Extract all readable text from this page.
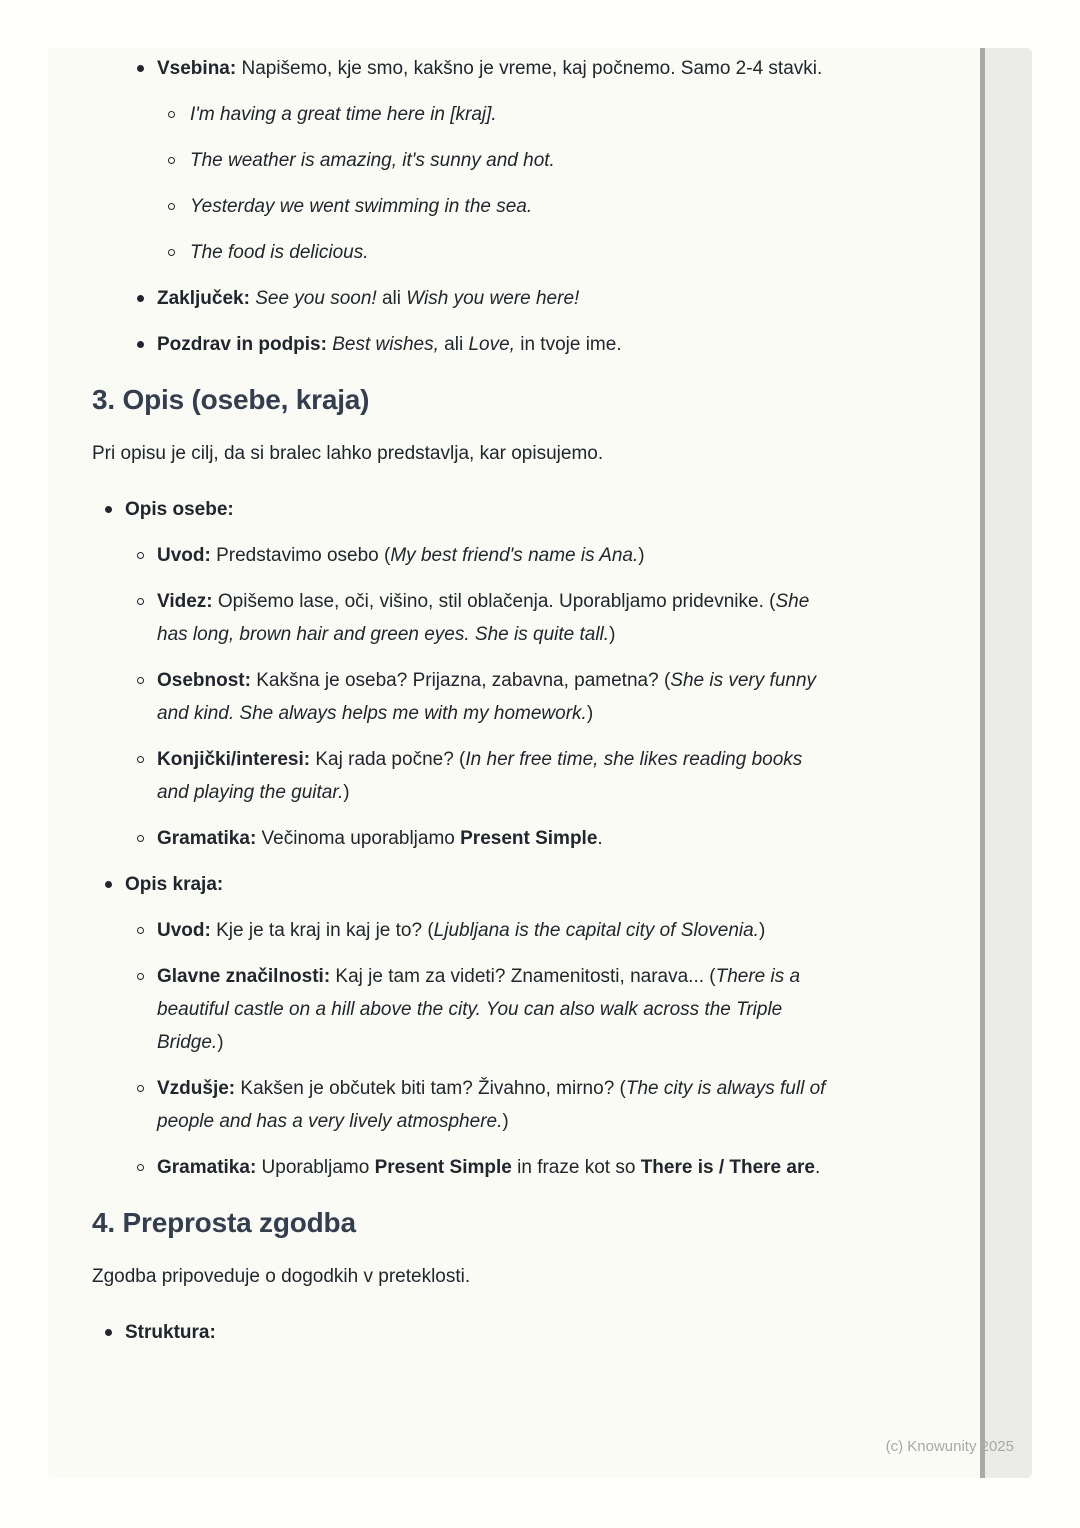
Vsebina: Napišemo, kje smo, kakšno je vreme, kaj počnemo. Samo 2-4 stavki.
I'm having a great time here in [kraj].
The weather is amazing, it's sunny and hot.
Yesterday we went swimming in the sea.
The food is delicious.
Zaključek: See you soon! ali Wish you were here!
Pozdrav in podpis: Best wishes, ali Love, in tvoje ime.
3. Opis (osebe, kraja)

Pri opisu je cilj, da si bralec lahko predstavlja, kar opisujemo.

Opis osebe:
Uvod: Predstavimo osebo (My best friend's name is Ana.)
Videz: Opišemo lase, oči, višino, stil oblačenja. Uporabljamo pridevnike. (She has long, brown hair and green eyes. She is quite tall.)
Osebnost: Kakšna je oseba? Prijazna, zabavna, pametna? (She is very funny and kind. She always helps me with my homework.)
Konjički/interesi: Kaj rada počne? (In her free time, she likes reading books and playing the guitar.)
Gramatika: Večinoma uporabljamo Present Simple.
Opis kraja:
Uvod: Kje je ta kraj in kaj je to? (Ljubljana is the capital city of Slovenia.)
Glavne značilnosti: Kaj je tam za videti? Znamenitosti, narava... (There is a beautiful castle on a hill above the city. You can also walk across the Triple Bridge.)
Vzdušje: Kakšen je občutek biti tam? Živahno, mirno? (The city is always full of people and has a very lively atmosphere.)
Gramatika: Uporabljamo Present Simple in fraze kot so There is / There are.
4. Preprosta zgodba

Zgodba pripoveduje o dogodkih v preteklosti.

Struktura:
(c) Knowunity 2025
